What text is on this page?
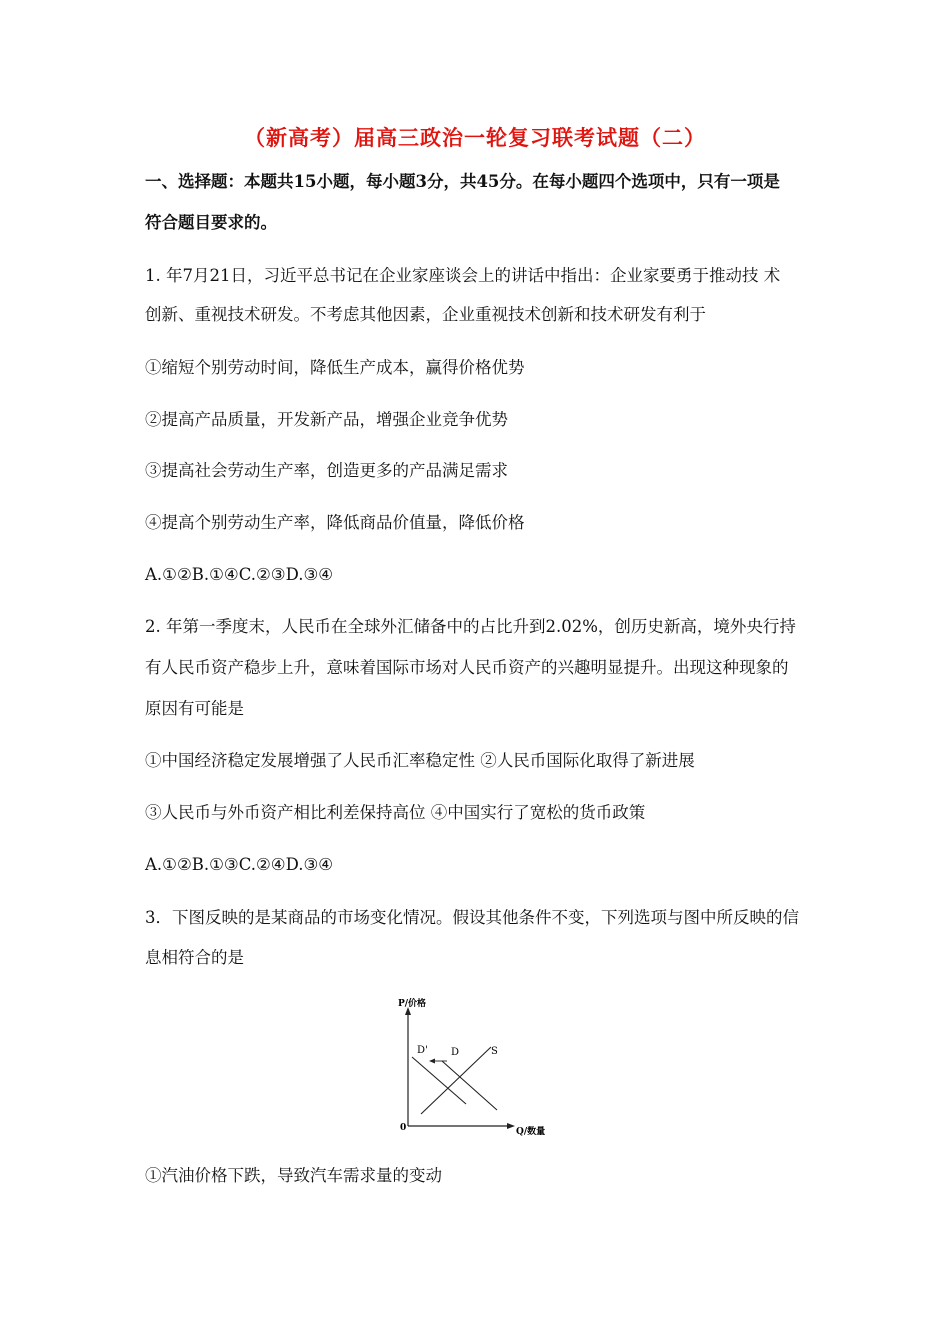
（新高考）届高三政治一轮复习联考试题（二）
一、选择题：本题共15小题，每小题3分，共45分。在每小题四个选项中，只有一项是
符合题目要求的。
1. 年7月21日，习近平总书记在企业家座谈会上的讲话中指出：企业家要勇于推动技 术
创新、重视技术研发。不考虑其他因素，企业重视技术创新和技术研发有利于
①缩短个别劳动时间，降低生产成本，赢得价格优势
②提高产品质量，开发新产品，增强企业竞争优势
③提高社会劳动生产率，创造更多的产品满足需求
④提高个别劳动生产率，降低商品价值量，降低价格
A.①②B.①④C.②③D.③④
2. 年第一季度末，人民币在全球外汇储备中的占比升到2.02%，创历史新高，境外央行持
有人民币资产稳步上升，意味着国际市场对人民币资产的兴趣明显提升。出现这种现象的
原因有可能是
①中国经济稳定发展增强了人民币汇率稳定性 ②人民币国际化取得了新进展
③人民币与外币资产相比利差保持高位 ④中国实行了宽松的货币政策
A.①②B.①③C.②④D.③④
3．下图反映的是某商品的市场变化情况。假设其他条件不变，下列选项与图中所反映的信
息相符合的是
P/价格
Q/数量
0
D' D	S
①汽油价格下跌，导致汽车需求量的变动
